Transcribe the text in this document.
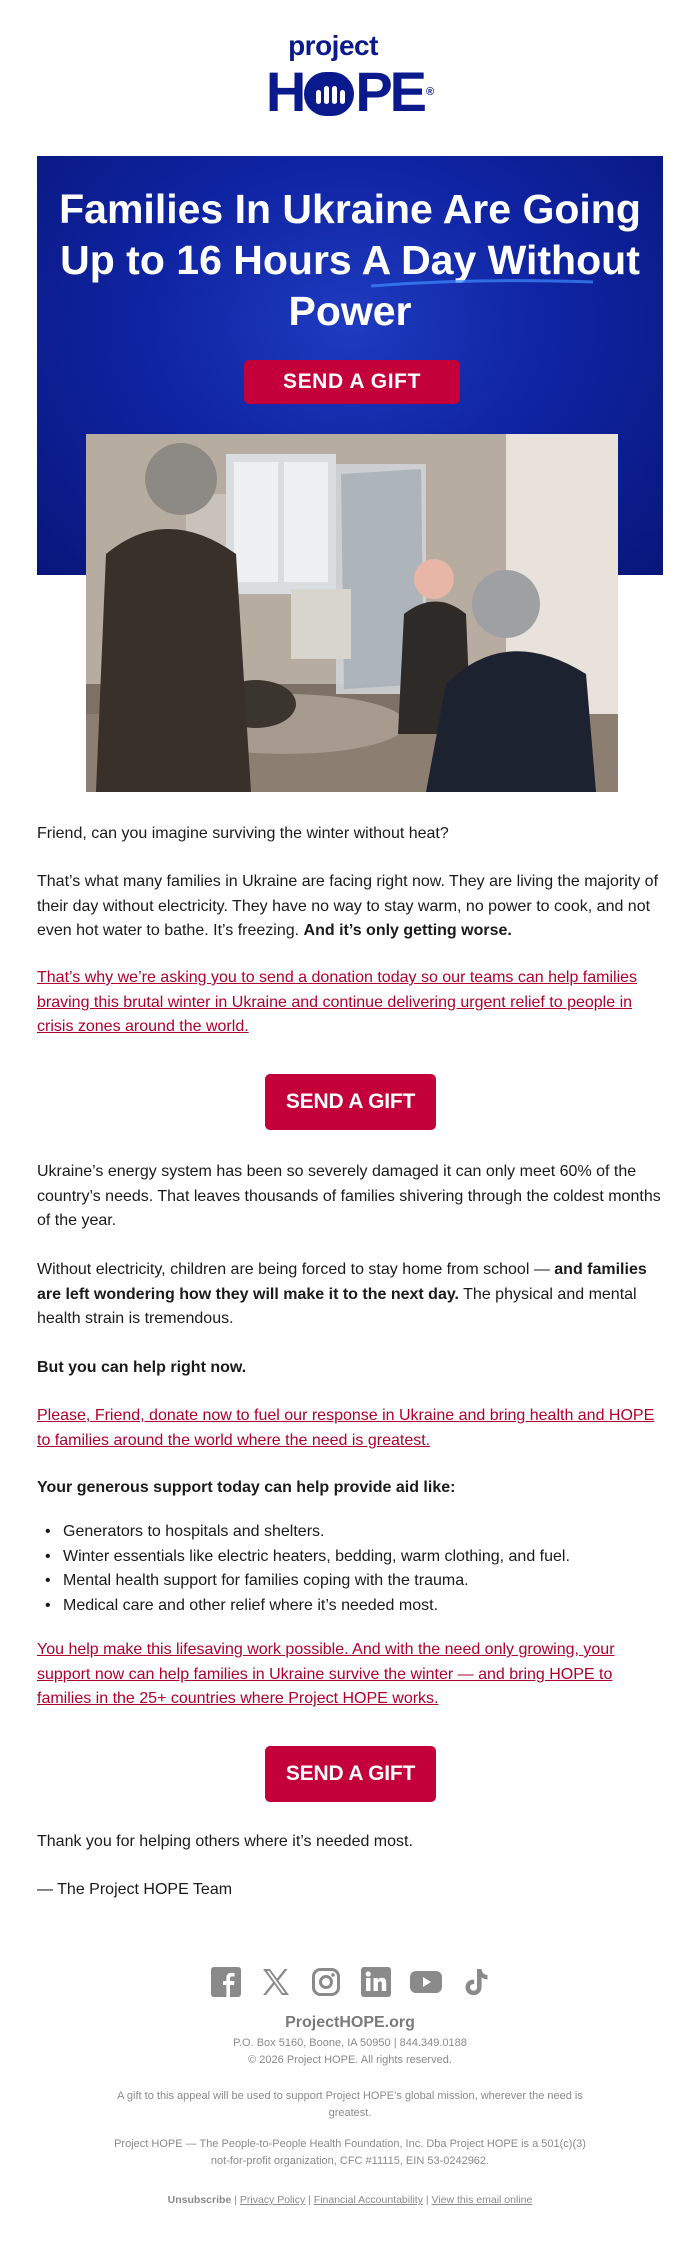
project
H PE ®
Families In Ukraine Are Going Up to 16 Hours A Day Without Power
SEND A GIFT
Friend, can you imagine surviving the winter without heat?
That’s what many families in Ukraine are facing right now. They are living the majority of their day without electricity. They have no way to stay warm, no power to cook, and not even hot water to bathe. It’s freezing. And it’s only getting worse.
That’s why we’re asking you to send a donation today so our teams can help families braving this brutal winter in Ukraine and continue delivering urgent relief to people in crisis zones around the world.
SEND A GIFT
Ukraine’s energy system has been so severely damaged it can only meet 60% of the country’s needs. That leaves thousands of families shivering through the coldest months of the year.
Without electricity, children are being forced to stay home from school — and families are left wondering how they will make it to the next day. The physical and mental health strain is tremendous.
But you can help right now.
Please, Friend, donate now to fuel our response in Ukraine and bring health and HOPE to families around the world where the need is greatest.
Your generous support today can help provide aid like:
• Generators to hospitals and shelters.
• Winter essentials like electric heaters, bedding, warm clothing, and fuel.
• Mental health support for families coping with the trauma.
• Medical care and other relief where it’s needed most.
You help make this lifesaving work possible. And with the need only growing, your support now can help families in Ukraine survive the winter — and bring HOPE to families in the 25+ countries where Project HOPE works.
SEND A GIFT
Thank you for helping others where it’s needed most.
— The Project HOPE Team
ProjectHOPE.org
P.O. Box 5160, Boone, IA 50950 | 844.349.0188
© 2026 Project HOPE. All rights reserved.
A gift to this appeal will be used to support Project HOPE’s global mission, wherever the need is greatest.
Project HOPE — The People-to-People Health Foundation, Inc. Dba Project HOPE is a 501(c)(3) not-for-profit organization, CFC #11115, EIN 53-0242962.
Unsubscribe | Privacy Policy | Financial Accountability | View this email online
